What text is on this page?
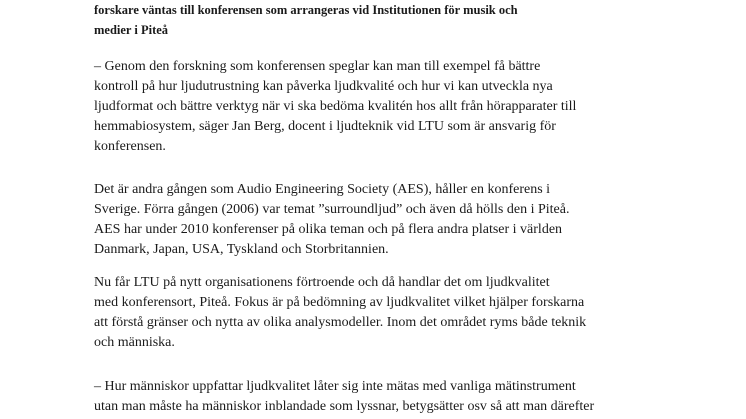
forskare väntas till konferensen som arrangeras vid Institutionen för musik och
medier i Piteå

– Genom den forskning som konferensen speglar kan man till exempel få bättre
kontroll på hur ljudutrustning kan påverka ljudkvalité och hur vi kan utveckla nya
ljudformat och bättre verktyg när vi ska bedöma kvalitén hos allt från hörapparater till
hemmabiosystem, säger Jan Berg, docent i ljudteknik vid LTU som är ansvarig för
konferensen.

Det är andra gången som Audio Engineering Society (AES), håller en konferens i
Sverige. Förra gången (2006) var temat ”surroundljud” och även då hölls den i Piteå.
AES har under 2010 konferenser på olika teman och på flera andra platser i världen
Danmark, Japan, USA, Tyskland och Storbritannien.

Nu får LTU på nytt organisationens förtroende och då handlar det om ljudkvalitet
med konferensort, Piteå. Fokus är på bedömning av ljudkvalitet vilket hjälper forskarna
att förstå gränser och nytta av olika analysmodeller. Inom det området ryms både teknik
och människa.

– Hur människor uppfattar ljudkvalitet låter sig inte mätas med vanliga mätinstrument
utan man måste ha människor inblandade som lyssnar, betygsätter osv så att man därefter
